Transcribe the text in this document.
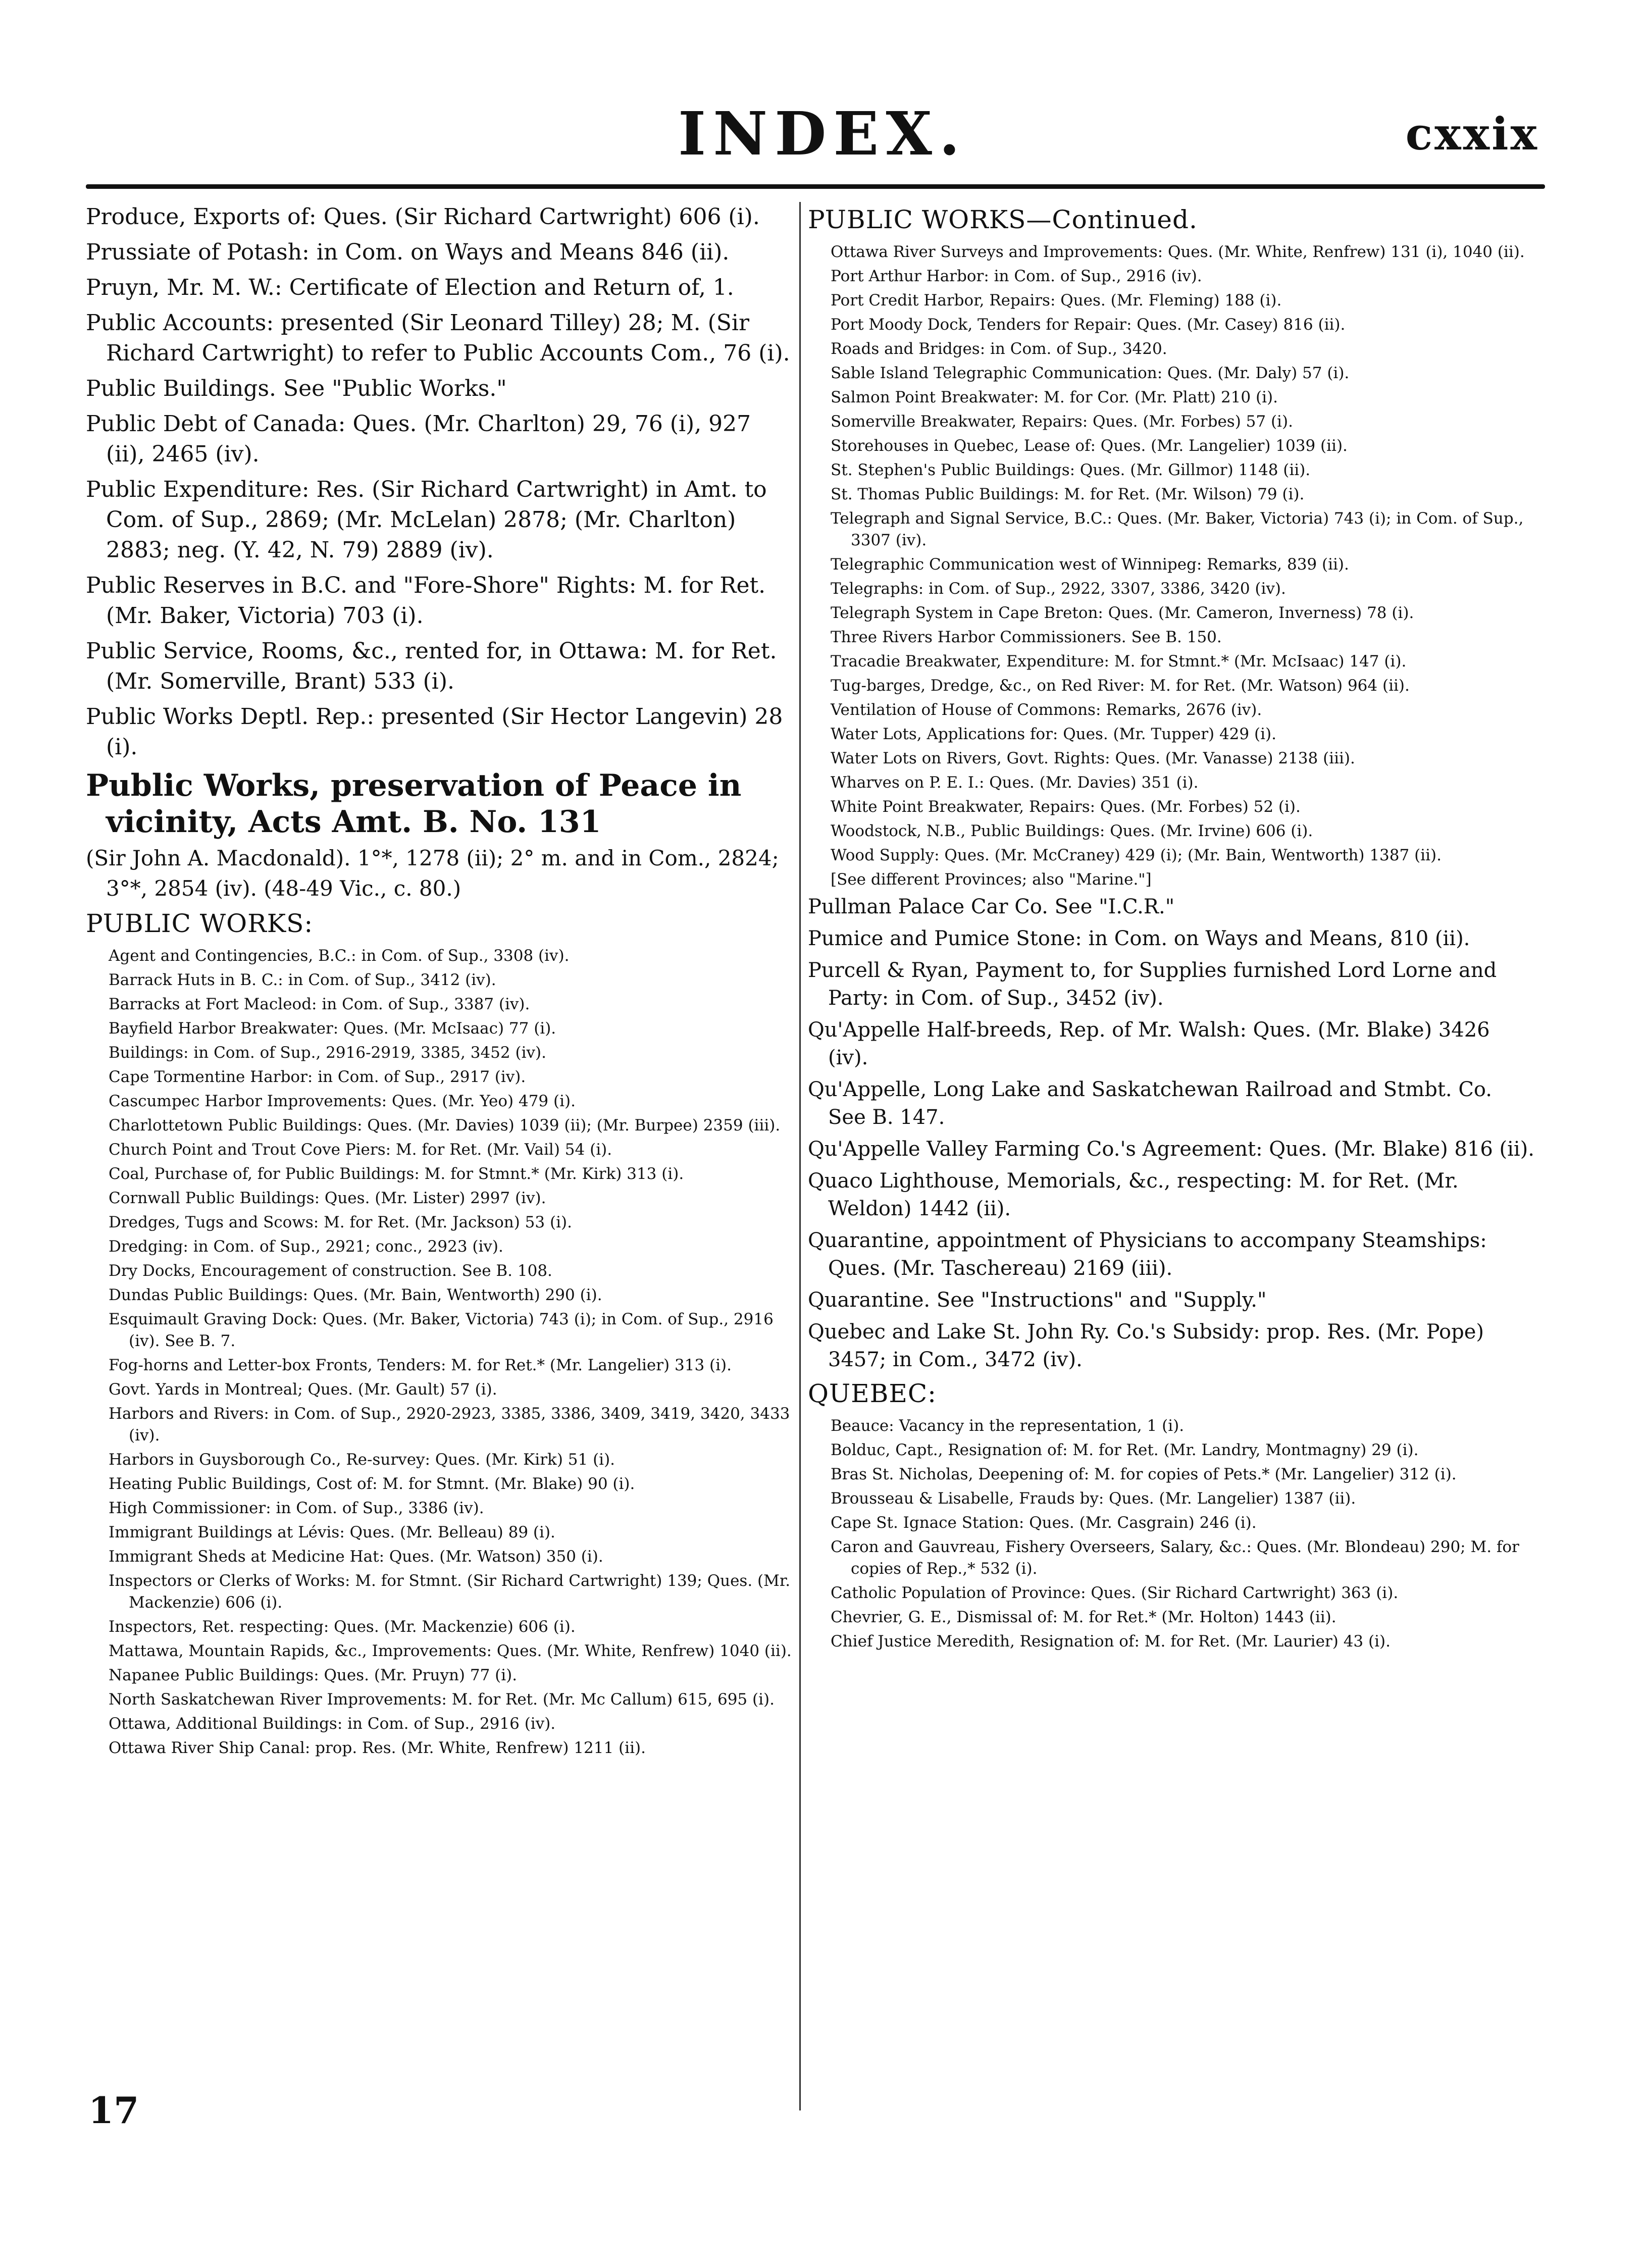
INDEX.	cxxix

Produce, Exports of: Ques. (Sir Richard Cartwright) 606 (i).

Prussiate of Potash: in Com. on Ways and Means 846 (ii).

Pruyn, Mr. M. W.: Certificate of Election and Return of, 1.

Public Accounts: presented (Sir Leonard Tilley) 28; M. (Sir Richard Cartwright) to refer to Public Accounts Com., 76 (i).

Public Buildings. See "Public Works."

Public Debt of Canada: Ques. (Mr. Charlton) 29, 76 (i), 927 (ii), 2465 (iv).

Public Expenditure: Res. (Sir Richard Cartwright) in Amt. to Com. of Sup., 2869; (Mr. McLelan) 2878; (Mr. Charlton) 2883; neg. (Y. 42, N. 79) 2889 (iv).

Public Reserves in B.C. and "Fore-Shore" Rights: M. for Ret. (Mr. Baker, Victoria) 703 (i).

Public Service, Rooms, &c., rented for, in Ottawa: M. for Ret. (Mr. Somerville, Brant) 533 (i).

Public Works Deptl. Rep.: presented (Sir Hector Langevin) 28 (i).

Public Works, preservation of Peace in vicinity, Acts Amt. B. No. 131

(Sir John A. Macdonald). 1°*, 1278 (ii); 2° m. and in Com., 2824; 3°*, 2854 (iv). (48-49 Vic., c. 80.)

PUBLIC WORKS:

Agent and Contingencies, B.C.: in Com. of Sup., 3308 (iv).

Barrack Huts in B. C.: in Com. of Sup., 3412 (iv).

Barracks at Fort Macleod: in Com. of Sup., 3387 (iv).

Bayfield Harbor Breakwater: Ques. (Mr. McIsaac) 77 (i).

Buildings: in Com. of Sup., 2916-2919, 3385, 3452 (iv).

Cape Tormentine Harbor: in Com. of Sup., 2917 (iv).

Cascumpec Harbor Improvements: Ques. (Mr. Yeo) 479 (i).

Charlottetown Public Buildings: Ques. (Mr. Davies) 1039 (ii); (Mr. Burpee) 2359 (iii).

Church Point and Trout Cove Piers: M. for Ret. (Mr. Vail) 54 (i).

Coal, Purchase of, for Public Buildings: M. for Stmnt.* (Mr. Kirk) 313 (i).

Cornwall Public Buildings: Ques. (Mr. Lister) 2997 (iv).

Dredges, Tugs and Scows: M. for Ret. (Mr. Jackson) 53 (i).

Dredging: in Com. of Sup., 2921; conc., 2923 (iv).

Dry Docks, Encouragement of construction. See B. 108.

Dundas Public Buildings: Ques. (Mr. Bain, Wentworth) 290 (i).

Esquimault Graving Dock: Ques. (Mr. Baker, Victoria) 743 (i); in Com. of Sup., 2916 (iv). See B. 7.

Fog-horns and Letter-box Fronts, Tenders: M. for Ret.* (Mr. Langelier) 313 (i).

Govt. Yards in Montreal; Ques. (Mr. Gault) 57 (i).

Harbors and Rivers: in Com. of Sup., 2920-2923, 3385, 3386, 3409, 3419, 3420, 3433 (iv).

Harbors in Guysborough Co., Re-survey: Ques. (Mr. Kirk) 51 (i).

Heating Public Buildings, Cost of: M. for Stmnt. (Mr. Blake) 90 (i).

High Commissioner: in Com. of Sup., 3386 (iv).

Immigrant Buildings at Lévis: Ques. (Mr. Belleau) 89 (i).

Immigrant Sheds at Medicine Hat: Ques. (Mr. Watson) 350 (i).

Inspectors or Clerks of Works: M. for Stmnt. (Sir Richard Cartwright) 139; Ques. (Mr. Mackenzie) 606 (i).

Inspectors, Ret. respecting: Ques. (Mr. Mackenzie) 606 (i).

Mattawa, Mountain Rapids, &c., Improvements: Ques. (Mr. White, Renfrew) 1040 (ii).

Napanee Public Buildings: Ques. (Mr. Pruyn) 77 (i).

North Saskatchewan River Improvements: M. for Ret. (Mr. Mc Callum) 615, 695 (i).

Ottawa, Additional Buildings: in Com. of Sup., 2916 (iv).

Ottawa River Ship Canal: prop. Res. (Mr. White, Renfrew) 1211 (ii).

17
PUBLIC WORKS—Continued.

Ottawa River Surveys and Improvements: Ques. (Mr. White, Renfrew) 131 (i), 1040 (ii).

Port Arthur Harbor: in Com. of Sup., 2916 (iv).

Port Credit Harbor, Repairs: Ques. (Mr. Fleming) 188 (i).

Port Moody Dock, Tenders for Repair: Ques. (Mr. Casey) 816 (ii).

Roads and Bridges: in Com. of Sup., 3420.

Sable Island Telegraphic Communication: Ques. (Mr. Daly) 57 (i).

Salmon Point Breakwater: M. for Cor. (Mr. Platt) 210 (i).

Somerville Breakwater, Repairs: Ques. (Mr. Forbes) 57 (i).

Storehouses in Quebec, Lease of: Ques. (Mr. Langelier) 1039 (ii).

St. Stephen's Public Buildings: Ques. (Mr. Gillmor) 1148 (ii).

St. Thomas Public Buildings: M. for Ret. (Mr. Wilson) 79 (i).

Telegraph and Signal Service, B.C.: Ques. (Mr. Baker, Victoria) 743 (i); in Com. of Sup., 3307 (iv).

Telegraphic Communication west of Winnipeg: Remarks, 839 (ii).

Telegraphs: in Com. of Sup., 2922, 3307, 3386, 3420 (iv).

Telegraph System in Cape Breton: Ques. (Mr. Cameron, Inverness) 78 (i).

Three Rivers Harbor Commissioners. See B. 150.

Tracadie Breakwater, Expenditure: M. for Stmnt.* (Mr. McIsaac) 147 (i).

Tug-barges, Dredge, &c., on Red River: M. for Ret. (Mr. Watson) 964 (ii).

Ventilation of House of Commons: Remarks, 2676 (iv).

Water Lots, Applications for: Ques. (Mr. Tupper) 429 (i).

Water Lots on Rivers, Govt. Rights: Ques. (Mr. Vanasse) 2138 (iii).

Wharves on P. E. I.: Ques. (Mr. Davies) 351 (i).

White Point Breakwater, Repairs: Ques. (Mr. Forbes) 52 (i).

Woodstock, N.B., Public Buildings: Ques. (Mr. Irvine) 606 (i).

Wood Supply: Ques. (Mr. McCraney) 429 (i); (Mr. Bain, Wentworth) 1387 (ii).

[See different Provinces; also "Marine."]

Pullman Palace Car Co. See "I.C.R."

Pumice and Pumice Stone: in Com. on Ways and Means, 810 (ii).

Purcell & Ryan, Payment to, for Supplies furnished Lord Lorne and Party: in Com. of Sup., 3452 (iv).

Qu'Appelle Half-breeds, Rep. of Mr. Walsh: Ques. (Mr. Blake) 3426 (iv).

Qu'Appelle, Long Lake and Saskatchewan Railroad and Stmbt. Co. See B. 147.

Qu'Appelle Valley Farming Co.'s Agreement: Ques. (Mr. Blake) 816 (ii).

Quaco Lighthouse, Memorials, &c., respecting: M. for Ret. (Mr. Weldon) 1442 (ii).

Quarantine, appointment of Physicians to accompany Steamships: Ques. (Mr. Taschereau) 2169 (iii).

Quarantine. See "Instructions" and "Supply."

Quebec and Lake St. John Ry. Co.'s Subsidy: prop. Res. (Mr. Pope) 3457; in Com., 3472 (iv).

QUEBEC:

Beauce: Vacancy in the representation, 1 (i).

Bolduc, Capt., Resignation of: M. for Ret. (Mr. Landry, Montmagny) 29 (i).

Bras St. Nicholas, Deepening of: M. for copies of Pets.* (Mr. Langelier) 312 (i).

Brousseau & Lisabelle, Frauds by: Ques. (Mr. Langelier) 1387 (ii).

Cape St. Ignace Station: Ques. (Mr. Casgrain) 246 (i).

Caron and Gauvreau, Fishery Overseers, Salary, &c.: Ques. (Mr. Blondeau) 290; M. for copies of Rep.,* 532 (i).

Catholic Population of Province: Ques. (Sir Richard Cartwright) 363 (i).

Chevrier, G. E., Dismissal of: M. for Ret.* (Mr. Holton) 1443 (ii).

Chief Justice Meredith, Resignation of: M. for Ret. (Mr. Laurier) 43 (i).
